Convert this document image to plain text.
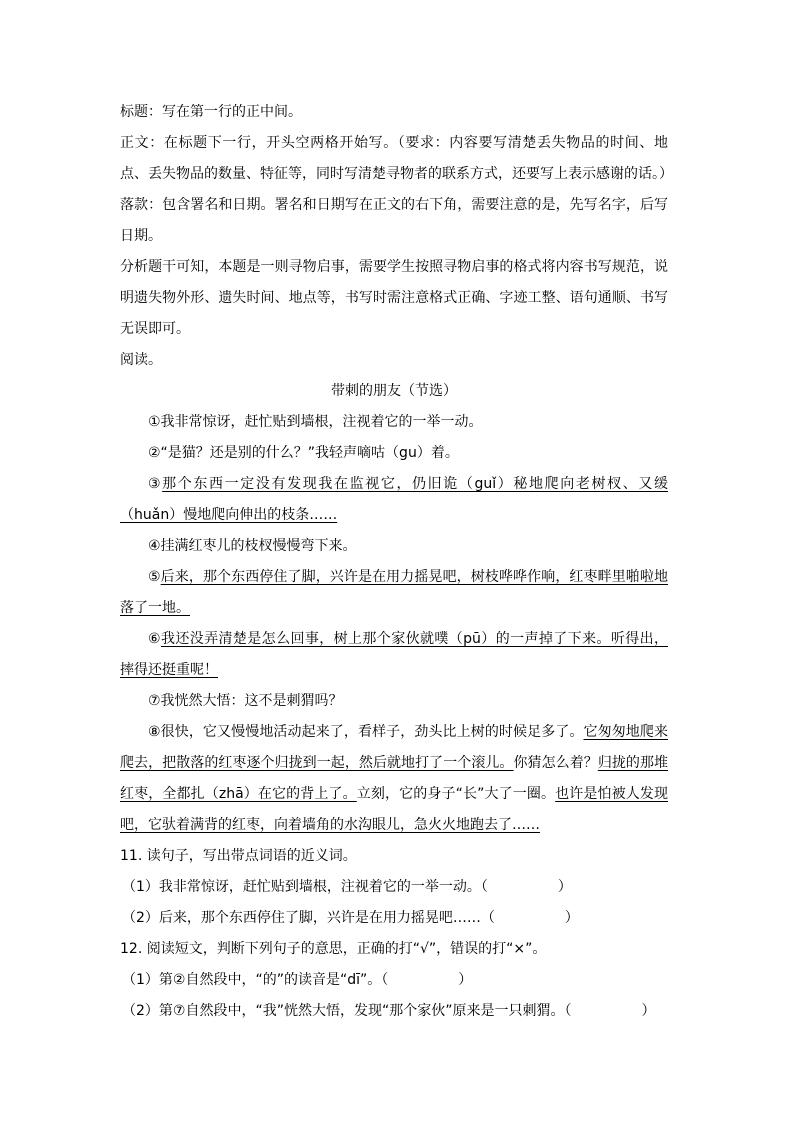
标题：写在第一行的正中间。

正文：在标题下一行，开头空两格开始写。（要求：内容要写清楚丢失物品的时间、地点、丢失物品的数量、特征等，同时写清楚寻物者的联系方式，还要写上表示感谢的话。）

落款：包含署名和日期。署名和日期写在正文的右下角，需要注意的是，先写名字，后写日期。

分析题干可知，本题是一则寻物启事，需要学生按照寻物启事的格式将内容书写规范，说明遗失物外形、遗失时间、地点等，书写时需注意格式正确、字迹工整、语句通顺、书写无误即可。

阅读。

带刺的朋友（节选）

①我非常惊讶，赶忙贴到墙根，注视着它的一举一动。

②“是猫？还是别的什么？”我轻声嘀咕（gu）着。

③那个东西一定没有发现我在监视它，仍旧诡（guǐ）秘地爬向老树杈、又缓（huǎn）慢地爬向伸出的枝条……

④挂满红枣儿的枝杈慢慢弯下来。

⑤后来，那个东西停住了脚，兴许是在用力摇晃吧，树枝哗哗作响，红枣畔里啪啦地落了一地。

⑥我还没弄清楚是怎么回事，树上那个家伙就噗（pū）的一声掉了下来。听得出，摔得还挺重呢！

⑦我恍然大悟：这不是刺猬吗？

⑧很快，它又慢慢地活动起来了，看样子，劲头比上树的时候足多了。它匆匆地爬来爬去，把散落的红枣逐个归拢到一起，然后就地打了一个滚儿。你猜怎么着？归拢的那堆红枣，全都扎（zhā）在它的背上了。立刻，它的身子“长”大了一圈。也许是怕被人发现吧，它驮着满背的红枣，向着墙角的水沟眼儿，急火火地跑去了……

11. 读句子，写出带点词语的近义词。

（1）我非常惊讶，赶忙贴到墙根，注视着它的一举一动。（　　　　　）

（2）后来，那个东西停住了脚，兴许是在用力摇晃吧……（　　　　　）

12. 阅读短文，判断下列句子的意思，正确的打“√”，错误的打“×”。

（1）第②自然段中，“的”的读音是“dī”。（　　　　　）

（2）第⑦自然段中，“我”恍然大悟，发现“那个家伙”原来是一只刺猬。（　　　　　）
